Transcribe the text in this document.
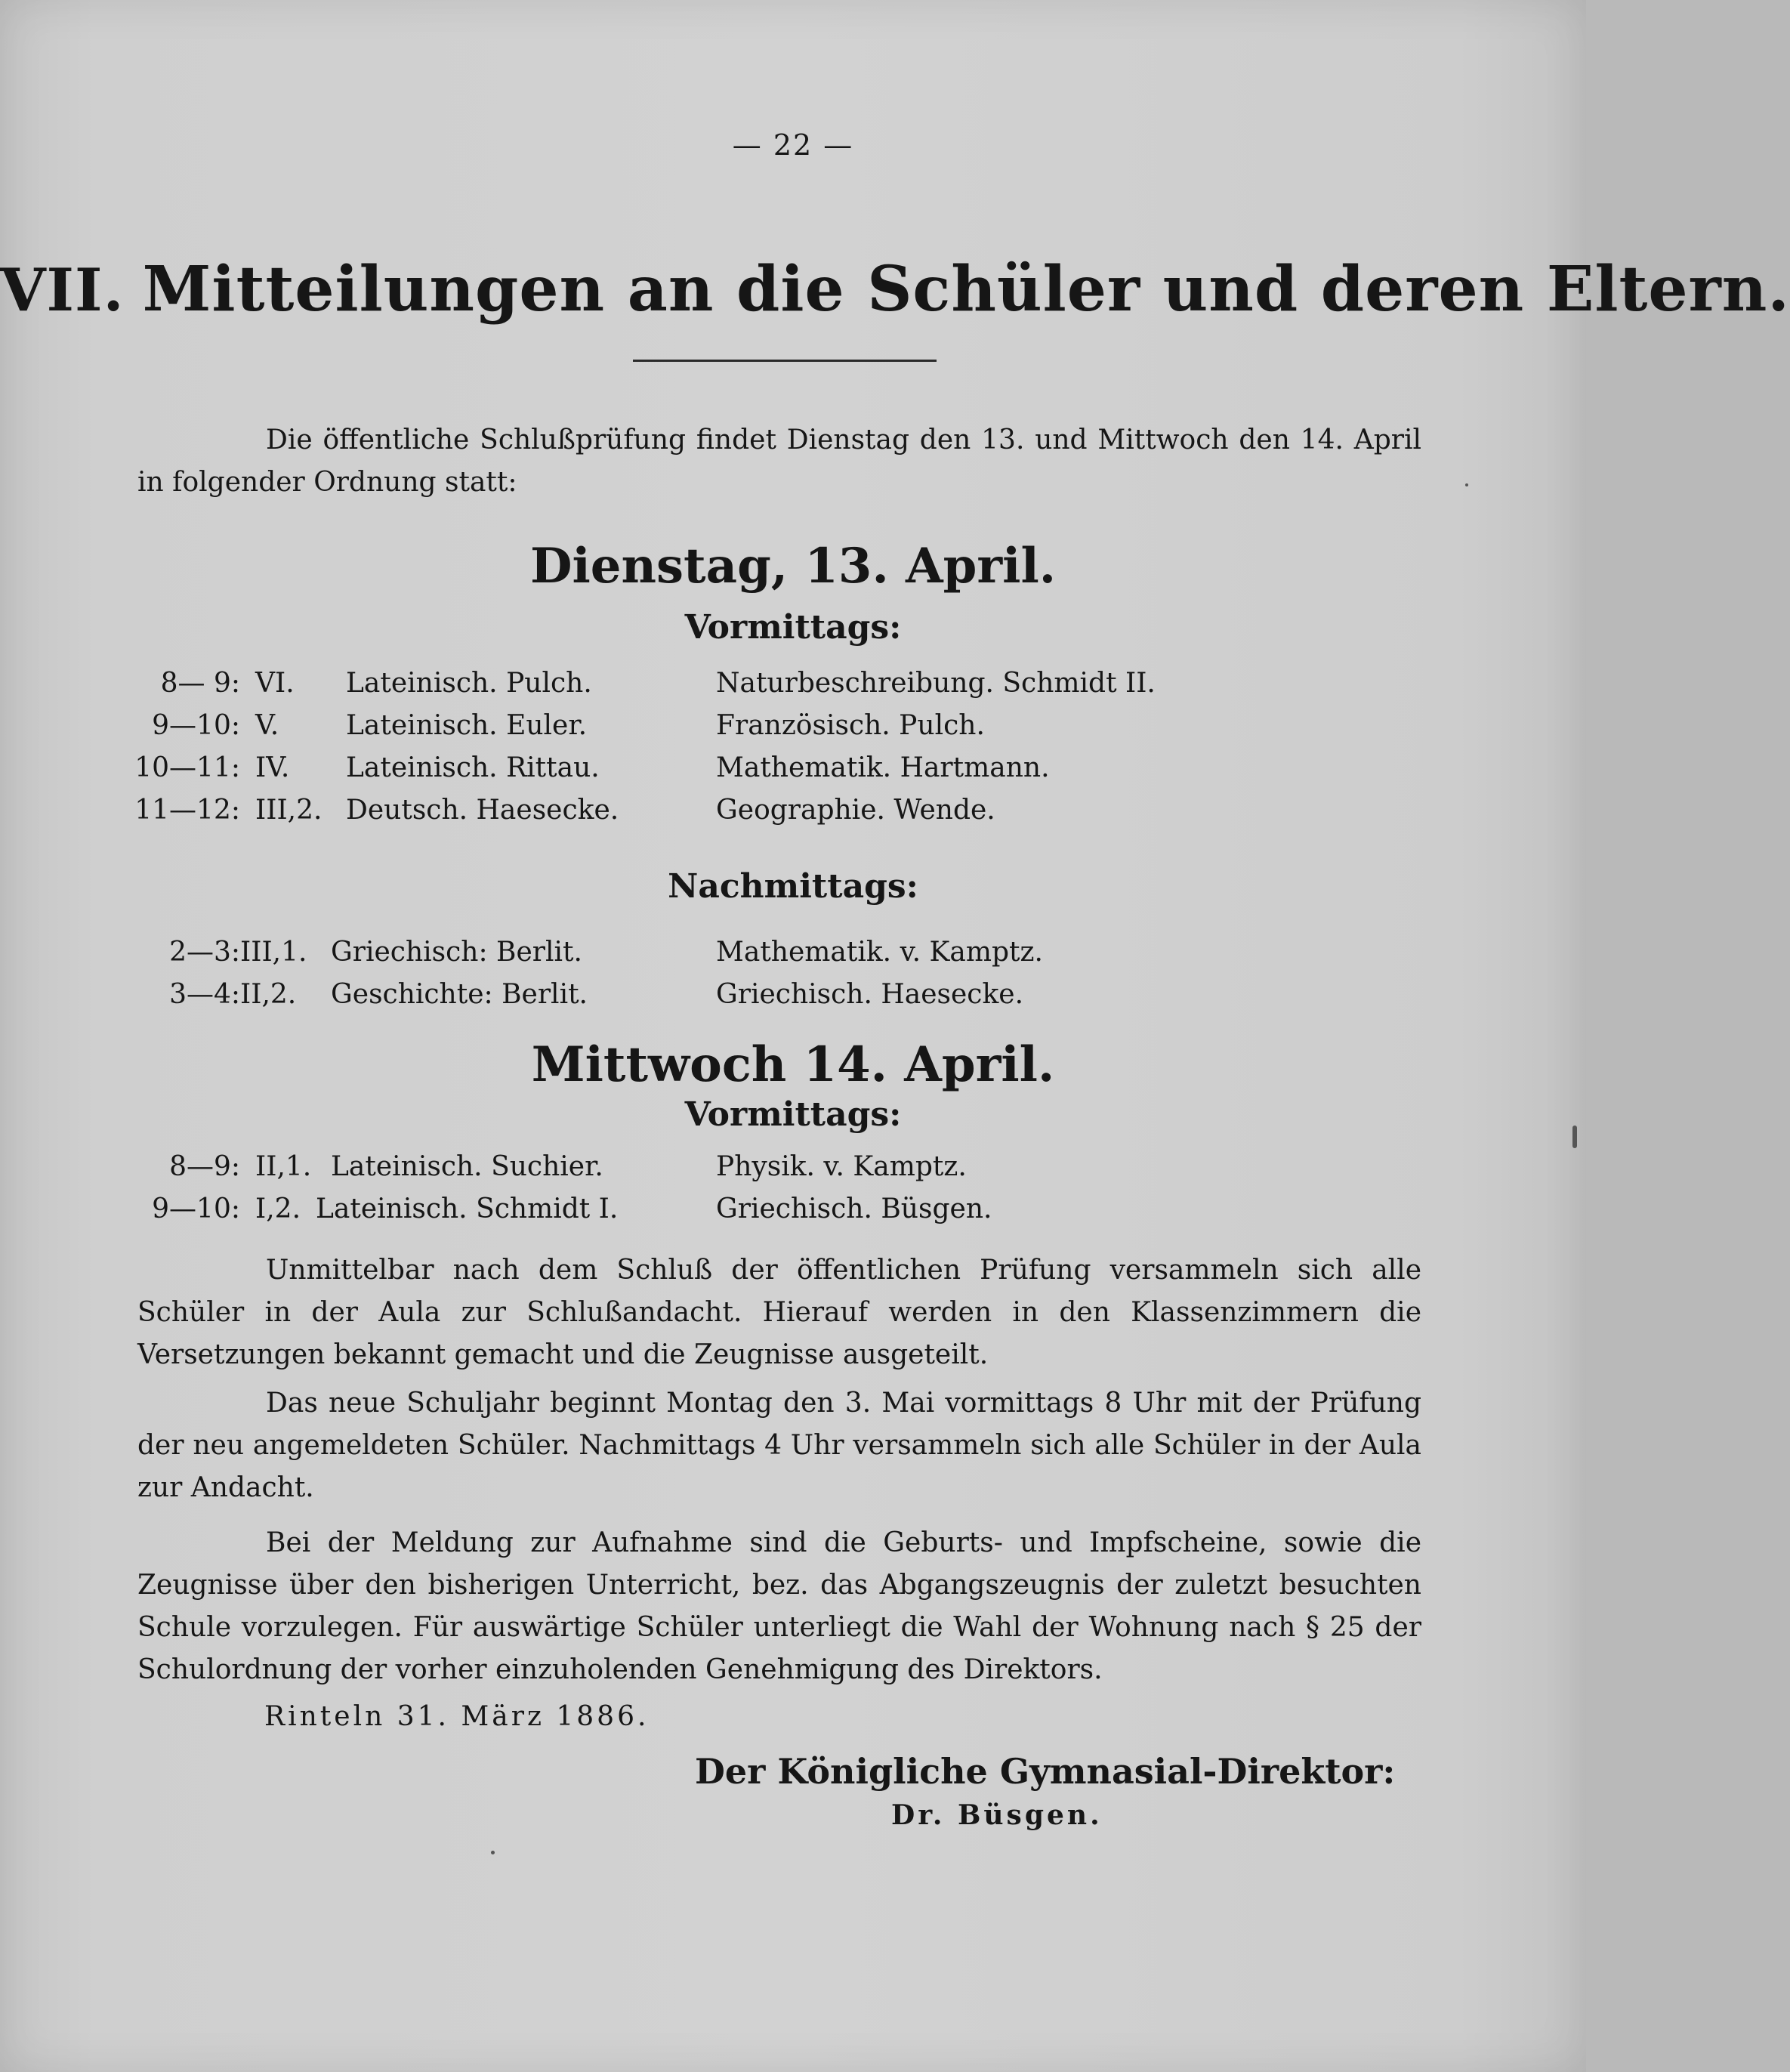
— 22 —
VII. Mitteilungen an die Schüler und deren Eltern.
Die öffentliche Schlußprüfung findet Dienstag den 13. und Mittwoch den 14. April in folgender Ordnung statt:
Dienstag, 13. April.
Vormittags:
8— 9: VI. Lateinisch. Pulch.	Naturbeschreibung. Schmidt II.
9—10: V. Lateinisch. Euler.	Französisch. Pulch.
10—11: IV. Lateinisch. Rittau.	Mathematik. Hartmann.
11—12: III,2. Deutsch. Haesecke.	Geographie. Wende.
Nachmittags:
2—3: III,1. Griechisch: Berlit.	Mathematik. v. Kamptz.
3—4: II,2. Geschichte: Berlit.	Griechisch. Haesecke.
Mittwoch 14. April.
Vormittags:
8—9: II,1. Lateinisch. Suchier.	Physik. v. Kamptz.
9—10: I,2. Lateinisch. Schmidt I.	Griechisch. Büsgen.
Unmittelbar nach dem Schluß der öffentlichen Prüfung versammeln sich alle Schüler in der Aula zur Schlußandacht. Hierauf werden in den Klassenzimmern die Versetzungen bekannt gemacht und die Zeugnisse ausgeteilt.
Das neue Schuljahr beginnt Montag den 3. Mai vormittags 8 Uhr mit der Prüfung der neu angemeldeten Schüler. Nachmittags 4 Uhr versammeln sich alle Schüler in der Aula zur Andacht.
Bei der Meldung zur Aufnahme sind die Geburts- und Impfscheine, sowie die Zeugnisse über den bisherigen Unterricht, bez. das Abgangszeugnis der zuletzt besuchten Schule vorzulegen. Für auswärtige Schüler unterliegt die Wahl der Wohnung nach § 25 der Schulordnung der vorher einzuholenden Genehmigung des Direktors.
Rinteln 31. März 1886.
Der Königliche Gymnasial-Direktor:
Dr. Büsgen.
